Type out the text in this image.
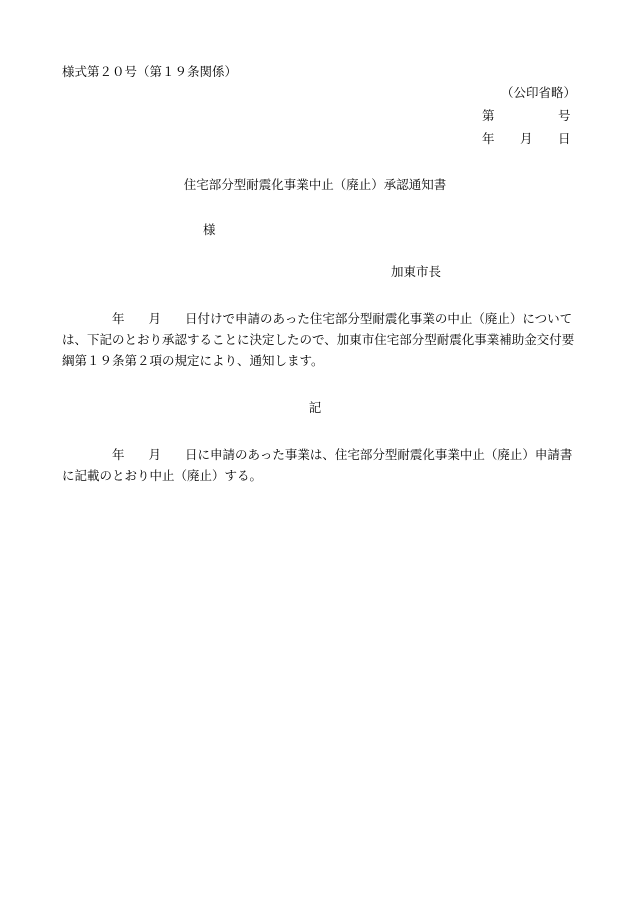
様式第２０号（第１９条関係）
（公印省略）
第	号
年 月 日
住宅部分型耐震化事業中止（廃止）承認通知書
様
加東市長
年 月 日付けで申請のあった住宅部分型耐震化事業の中止（廃止）について
は、下記のとおり承認することに決定したので、加東市住宅部分型耐震化事業補助金交付要
綱第１９条第２項の規定により、通知します。
記
年 月 日に申請のあった事業は、住宅部分型耐震化事業中止（廃止）申請書
に記載のとおり中止（廃止）する。
